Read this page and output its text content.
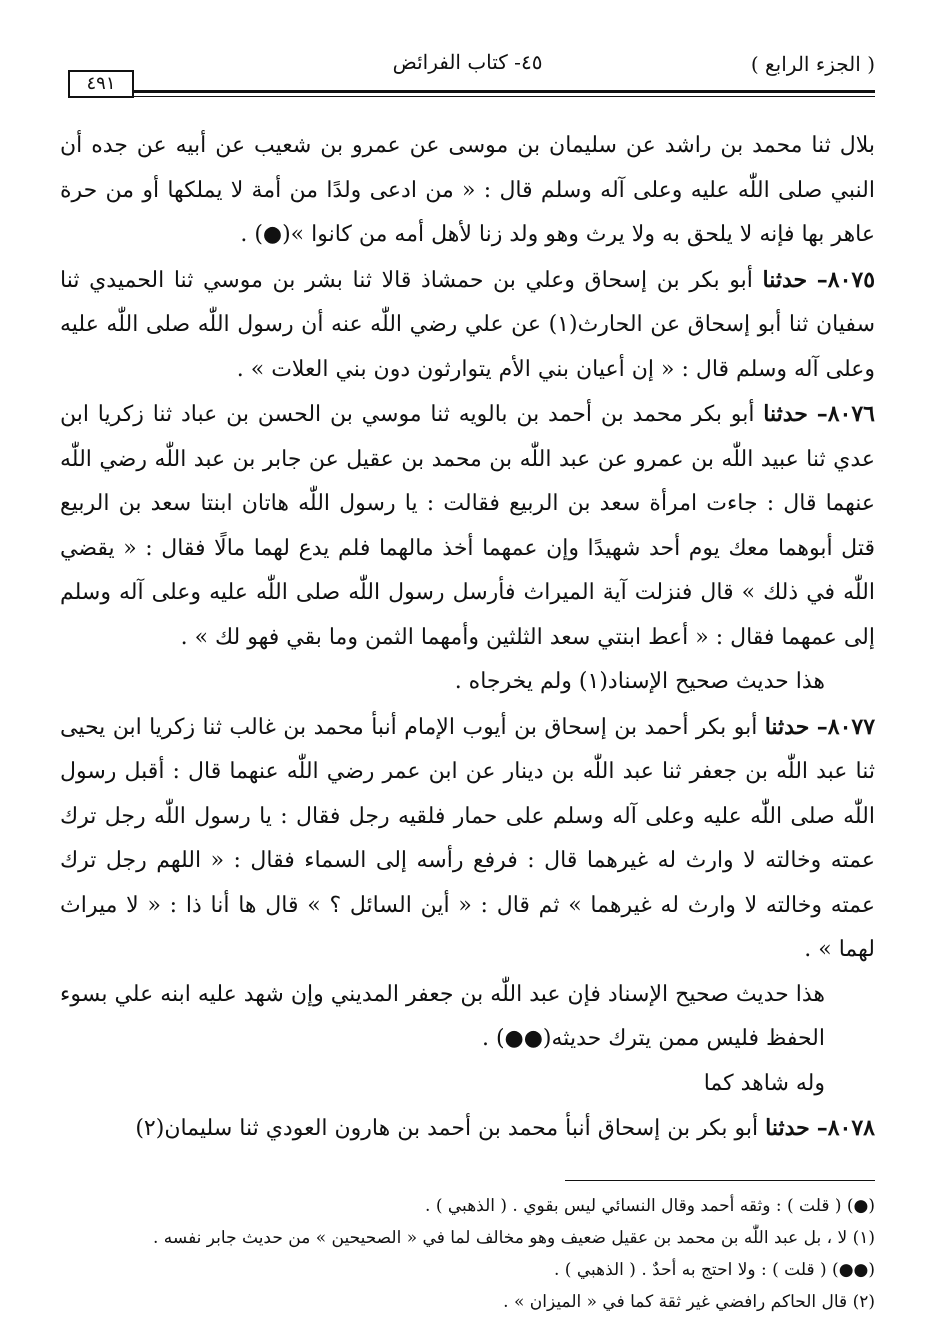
( الجزء الرابع )
٤٥- كتاب الفرائض
٤٩١

بلال ثنا محمد بن راشد عن سليمان بن موسى عن عمرو بن شعيب عن أبيه عن جده أن النبي صلى اللّٰه عليه وعلى آله وسلم قال : « من ادعى ولدًا من أمة لا يملكها أو من حرة عاهر بها فإنه لا يلحق به ولا يرث وهو ولد زنا لأهل أمه من كانوا »(●) .

٨٠٧٥– حدثنا أبو بكر بن إسحاق وعلي بن حمشاذ قالا ثنا بشر بن موسي ثنا الحميدي ثنا سفيان ثنا أبو إسحاق عن الحارث(١) عن علي رضي اللّٰه عنه أن رسول اللّٰه صلى اللّٰه عليه وعلى آله وسلم قال : « إن أعيان بني الأم يتوارثون دون بني العلات » .

٨٠٧٦– حدثنا أبو بكر محمد بن أحمد بن بالويه ثنا موسي بن الحسن بن عباد ثنا زكريا ابن عدي ثنا عبيد اللّٰه بن عمرو عن عبد اللّٰه بن محمد بن عقيل عن جابر بن عبد اللّٰه رضي اللّٰه عنهما قال : جاءت امرأة سعد بن الربيع فقالت : يا رسول اللّٰه هاتان ابنتا سعد بن الربيع قتل أبوهما معك يوم أحد شهيدًا وإن عمهما أخذ مالهما فلم يدع لهما مالًا فقال : « يقضي اللّٰه في ذلك » قال فنزلت آية الميراث فأرسل رسول اللّٰه صلى اللّٰه عليه وعلى آله وسلم إلى عمهما فقال : « أعط ابنتي سعد الثلثين وأمهما الثمن وما بقي فهو لك » .

هذا حديث صحيح الإسناد(١) ولم يخرجاه .

٨٠٧٧– حدثنا أبو بكر أحمد بن إسحاق بن أيوب الإمام أنبأ محمد بن غالب ثنا زكريا ابن يحيى ثنا عبد اللّٰه بن جعفر ثنا عبد اللّٰه بن دينار عن ابن عمر رضي اللّٰه عنهما قال : أقبل رسول اللّٰه صلى اللّٰه عليه وعلى آله وسلم على حمار فلقيه رجل فقال : يا رسول اللّٰه رجل ترك عمته وخالته لا وارث له غيرهما قال : فرفع رأسه إلى السماء فقال : « اللهم رجل ترك عمته وخالته لا وارث له غيرهما » ثم قال : « أين السائل ؟ » قال ها أنا ذا : « لا ميراث لهما » .

هذا حديث صحيح الإسناد فإن عبد اللّٰه بن جعفر المديني وإن شهد عليه ابنه علي بسوء الحفظ فليس ممن يترك حديثه(●●) .

وله شاهد كما

٨٠٧٨– حدثنا أبو بكر بن إسحاق أنبأ محمد بن أحمد بن هارون العودي ثنا سليمان(٢)

(●) ( قلت ) : وثقه أحمد وقال النسائي ليس بقوي . ( الذهبي ) .

(١) لا ، بل عبد اللّٰه بن محمد بن عقيل ضعيف وهو مخالف لما في « الصحيحين » من حديث جابر نفسه .

(●●) ( قلت ) : ولا احتج به أحدٌ . ( الذهبي ) .

(٢) قال الحاكم رافضي غير ثقة كما في « الميزان » .
